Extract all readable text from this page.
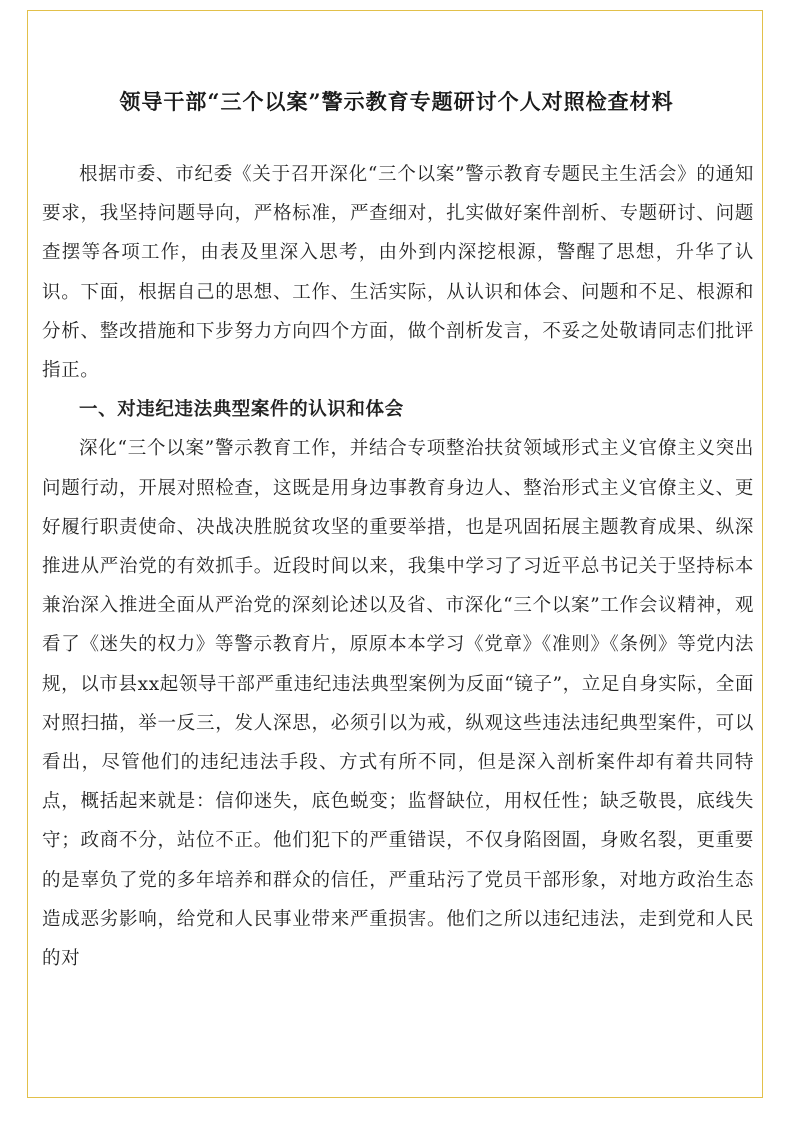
领导干部“三个以案”警示教育专题研讨个人对照检查材料

根据市委、市纪委《关于召开深化“三个以案”警示教育专题民主生活会》的通知要求，我坚持问题导向，严格标准，严查细对，扎实做好案件剖析、专题研讨、问题查摆等各项工作，由表及里深入思考，由外到内深挖根源，警醒了思想，升华了认识。下面，根据自己的思想、工作、生活实际，从认识和体会、问题和不足、根源和分析、整改措施和下步努力方向四个方面，做个剖析发言，不妥之处敬请同志们批评指正。

一、对违纪违法典型案件的认识和体会

深化“三个以案”警示教育工作，并结合专项整治扶贫领域形式主义官僚主义突出问题行动，开展对照检查，这既是用身边事教育身边人、整治形式主义官僚主义、更好履行职责使命、决战决胜脱贫攻坚的重要举措，也是巩固拓展主题教育成果、纵深推进从严治党的有效抓手。近段时间以来，我集中学习了习近平总书记关于坚持标本兼治深入推进全面从严治党的深刻论述以及省、市深化“三个以案”工作会议精神，观看了《迷失的权力》等警示教育片，原原本本学习《党章》《准则》《条例》等党内法规，以市县xx起领导干部严重违纪违法典型案例为反面“镜子”，立足自身实际，全面对照扫描，举一反三，发人深思，必须引以为戒，纵观这些违法违纪典型案件，可以看出，尽管他们的违纪违法手段、方式有所不同，但是深入剖析案件却有着共同特点，概括起来就是：信仰迷失，底色蜕变；监督缺位，用权任性；缺乏敬畏，底线失守；政商不分，站位不正。他们犯下的严重错误，不仅身陷囹圄，身败名裂，更重要的是辜负了党的多年培养和群众的信任，严重玷污了党员干部形象，对地方政治生态造成恶劣影响，给党和人民事业带来严重损害。他们之所以违纪违法，走到党和人民的对
